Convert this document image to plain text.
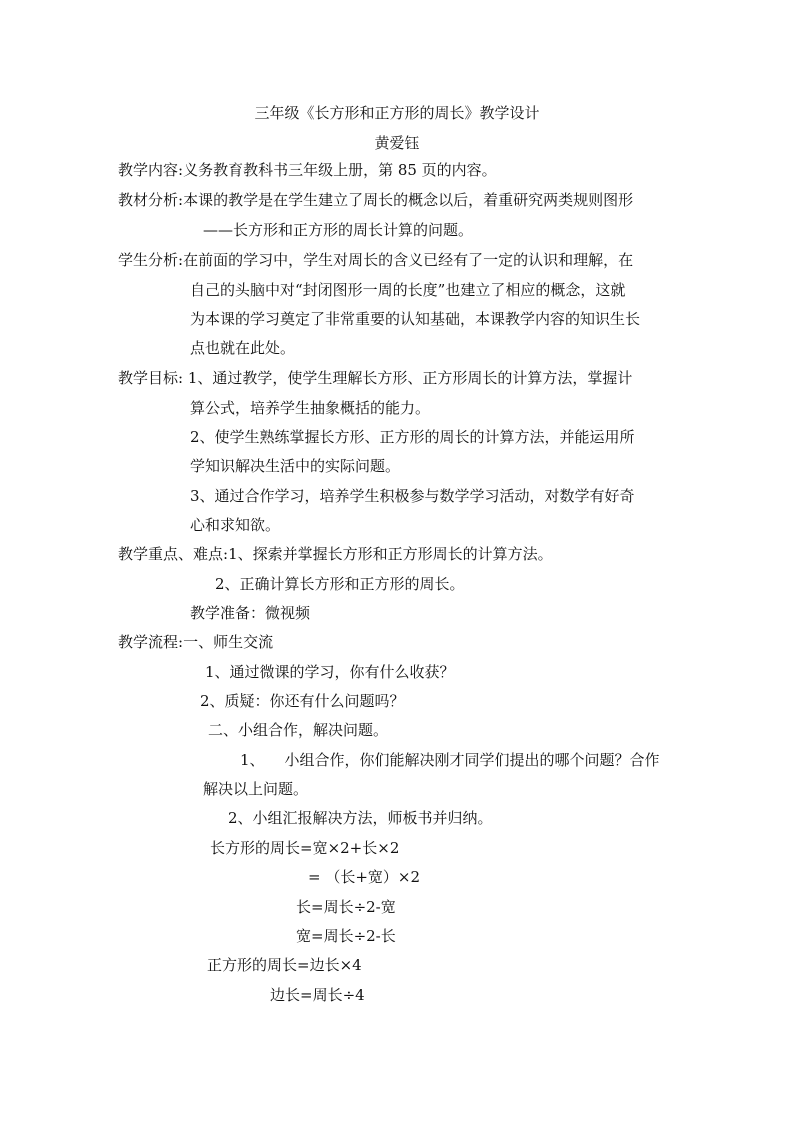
三年级《长方形和正方形的周长》教学设计
黄爱钰
教学内容:义务教育教科书三年级上册，第 85 页的内容。
教材分析:本课的教学是在学生建立了周长的概念以后，着重研究两类规则图形
——长方形和正方形的周长计算的问题。
学生分析:在前面的学习中，学生对周长的含义已经有了一定的认识和理解，在
自己的头脑中对“封闭图形一周的长度”也建立了相应的概念，这就
为本课的学习奠定了非常重要的认知基础，本课教学内容的知识生长
点也就在此处。
教学目标: 1、通过教学，使学生理解长方形、正方形周长的计算方法，掌握计
算公式，培养学生抽象概括的能力。
2、使学生熟练掌握长方形、正方形的周长的计算方法，并能运用所
学知识解决生活中的实际问题。
3、通过合作学习，培养学生积极参与数学学习活动，对数学有好奇
心和求知欲。
教学重点、难点:1、探索并掌握长方形和正方形周长的计算方法。
2、正确计算长方形和正方形的周长。
教学准备：微视频
教学流程:一、师生交流
1、通过微课的学习，你有什么收获？
2、质疑：你还有什么问题吗？
二、小组合作，解决问题。
1、 小组合作，你们能解决刚才同学们提出的哪个问题？合作
解决以上问题。
2、小组汇报解决方法，师板书并归纳。
长方形的周长=宽×2+长×2
= （长+宽）×2
长=周长÷2-宽
宽=周长÷2-长
正方形的周长=边长×4
边长=周长÷4
